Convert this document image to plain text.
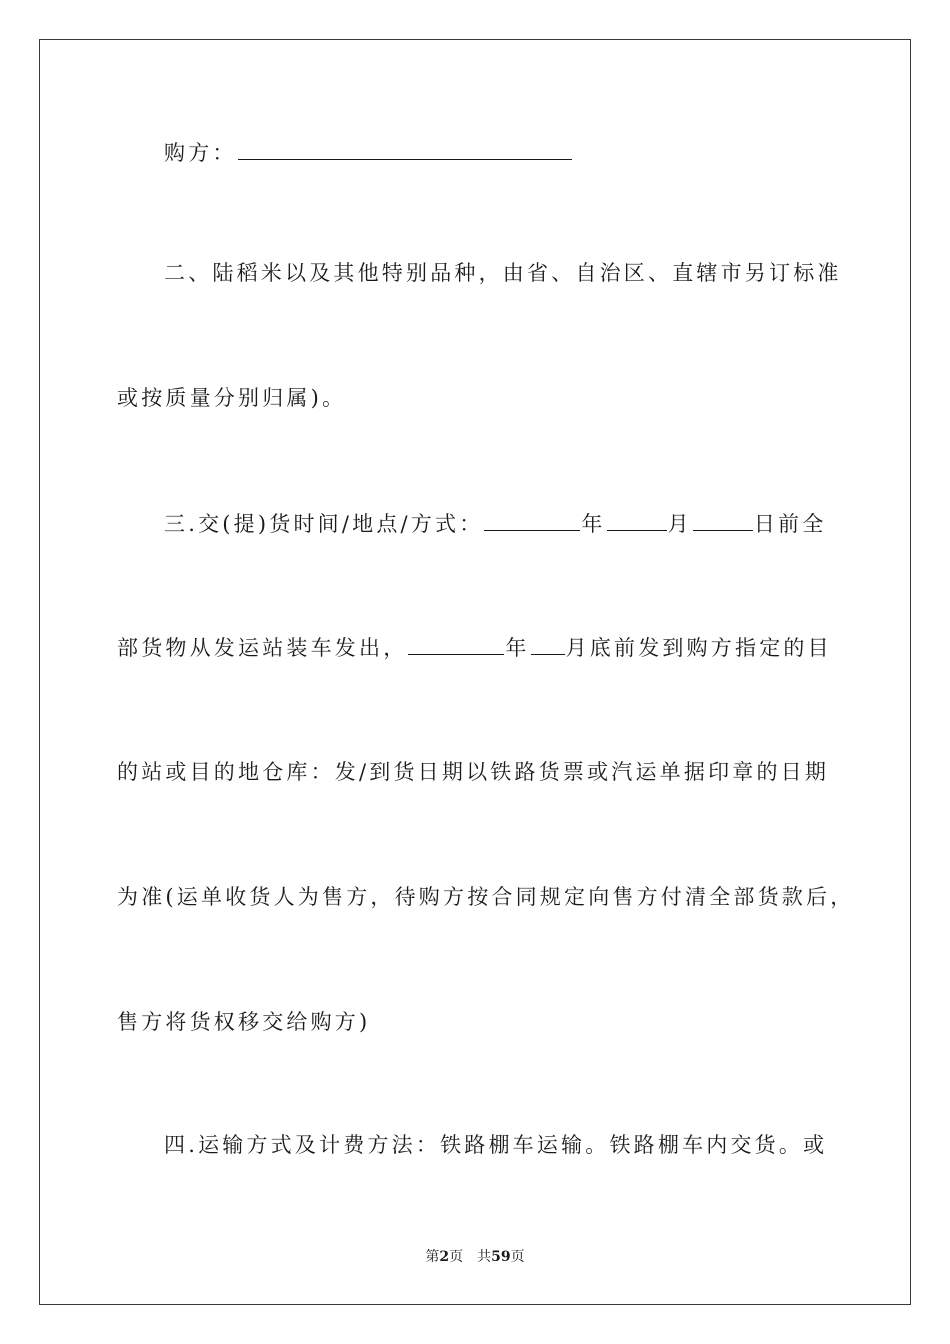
购方：
二、陆稻米以及其他特别品种，由省、自治区、直辖市另订标准
或按质量分别归属)。
三.交(提)货时间/地点/方式：	年	月	日前全
部货物从发运站装车发出，	年 月底前发到购方指定的目
的站或目的地仓库：发/到货日期以铁路货票或汽运单据印章的日期
为准(运单收货人为售方，待购方按合同规定向售方付清全部货款后，
售方将货权移交给购方)
四.运输方式及计费方法：铁路棚车运输。铁路棚车内交货。或
第2页 共59页
